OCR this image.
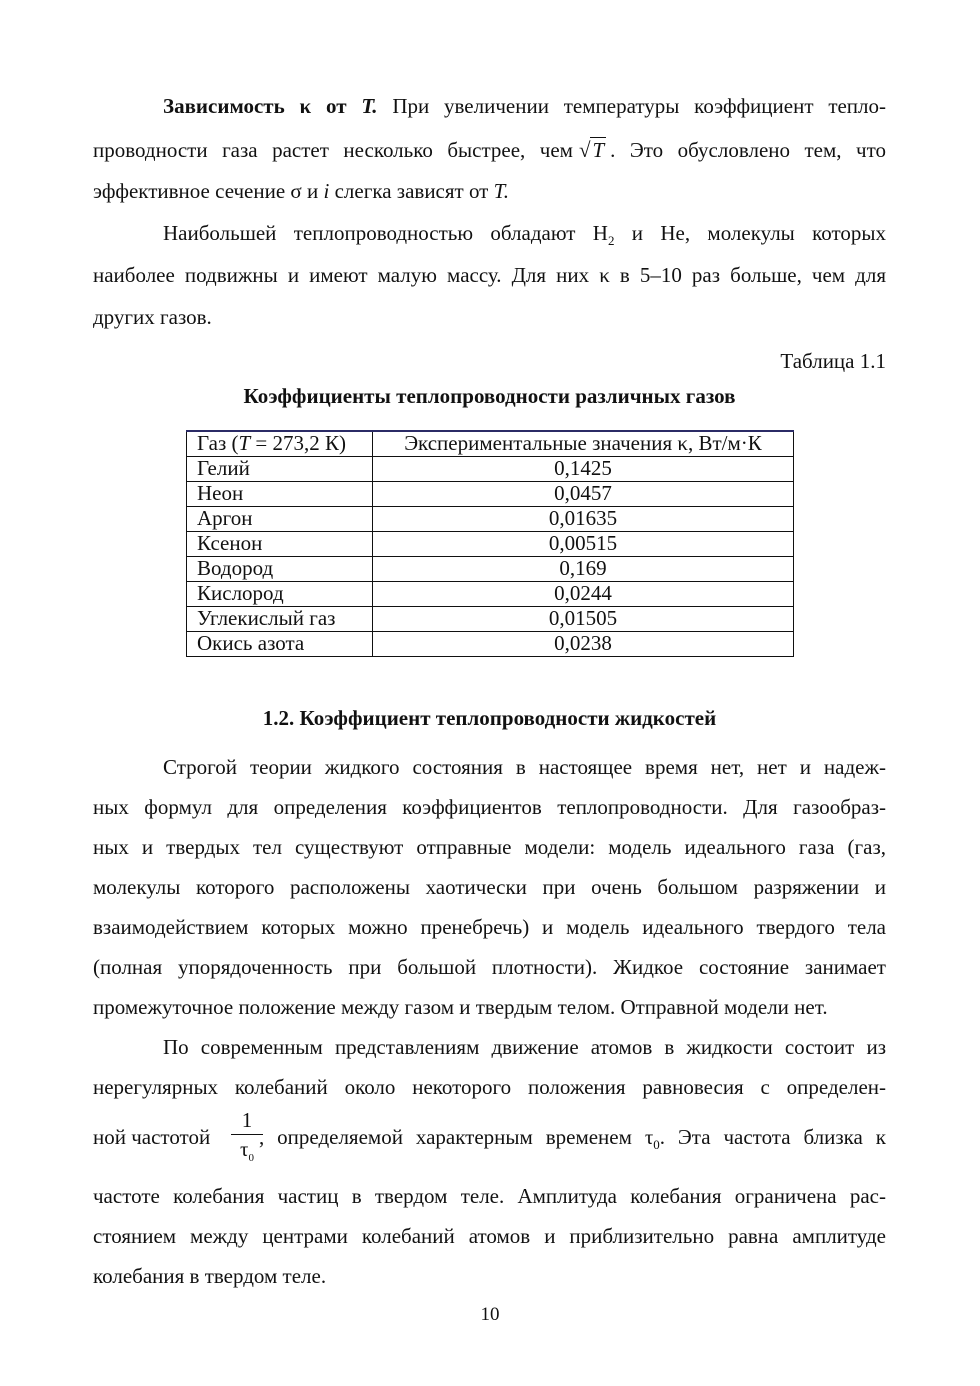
Зависимость κ от T. При увеличении температуры коэффициент тепло-
проводности газа растет несколько быстрее, чем √T . Это обусловлено тем, что
эффективное сечение σ и i слегка зависят от T.
Наибольшей теплопроводностью обладают $H_2$ и He, молекулы которых
наиболее подвижны и имеют малую массу. Для них κ в 5–10 раз больше, чем для
других газов.
Таблица 1.1
Коэффициенты теплопроводности различных газов
Газ (T = 273,2 К)	Экспериментальные значения κ, Вт/м·К
Гелий	0,1425
Неон	0,0457
Аргон	0,01635
Ксенон	0,00515
Водород	0,169
Кислород	0,0244
Углекислый газ	0,01505
Окись азота	0,0238
1.2. Коэффициент теплопроводности жидкостей
Строгой теории жидкого состояния в настоящее время нет, нет и надеж-
ных формул для определения коэффициентов теплопроводности. Для газообраз-
ных и твердых тел существуют отправные модели: модель идеального газа (газ,
молекулы которого расположены хаотически при очень большом разряжении и
взаимодействием которых можно пренебречь) и модель идеального твердого тела
(полная упорядоченность при большой плотности). Жидкое состояние занимает
промежуточное положение между газом и твердым телом. Отправной модели нет.
По современным представлениям движение атомов в жидкости состоит из
нерегулярных колебаний около некоторого положения равновесия с определен-
ной частотой $\frac{1}{\tau_0}$
, определяемой характерным временем $\tau_0$. Эта частота близка к
частоте колебания частиц в твердом теле. Амплитуда колебания ограничена рас-
стоянием между центрами колебаний атомов и приблизительно равна амплитуде
колебания в твердом теле.
10
